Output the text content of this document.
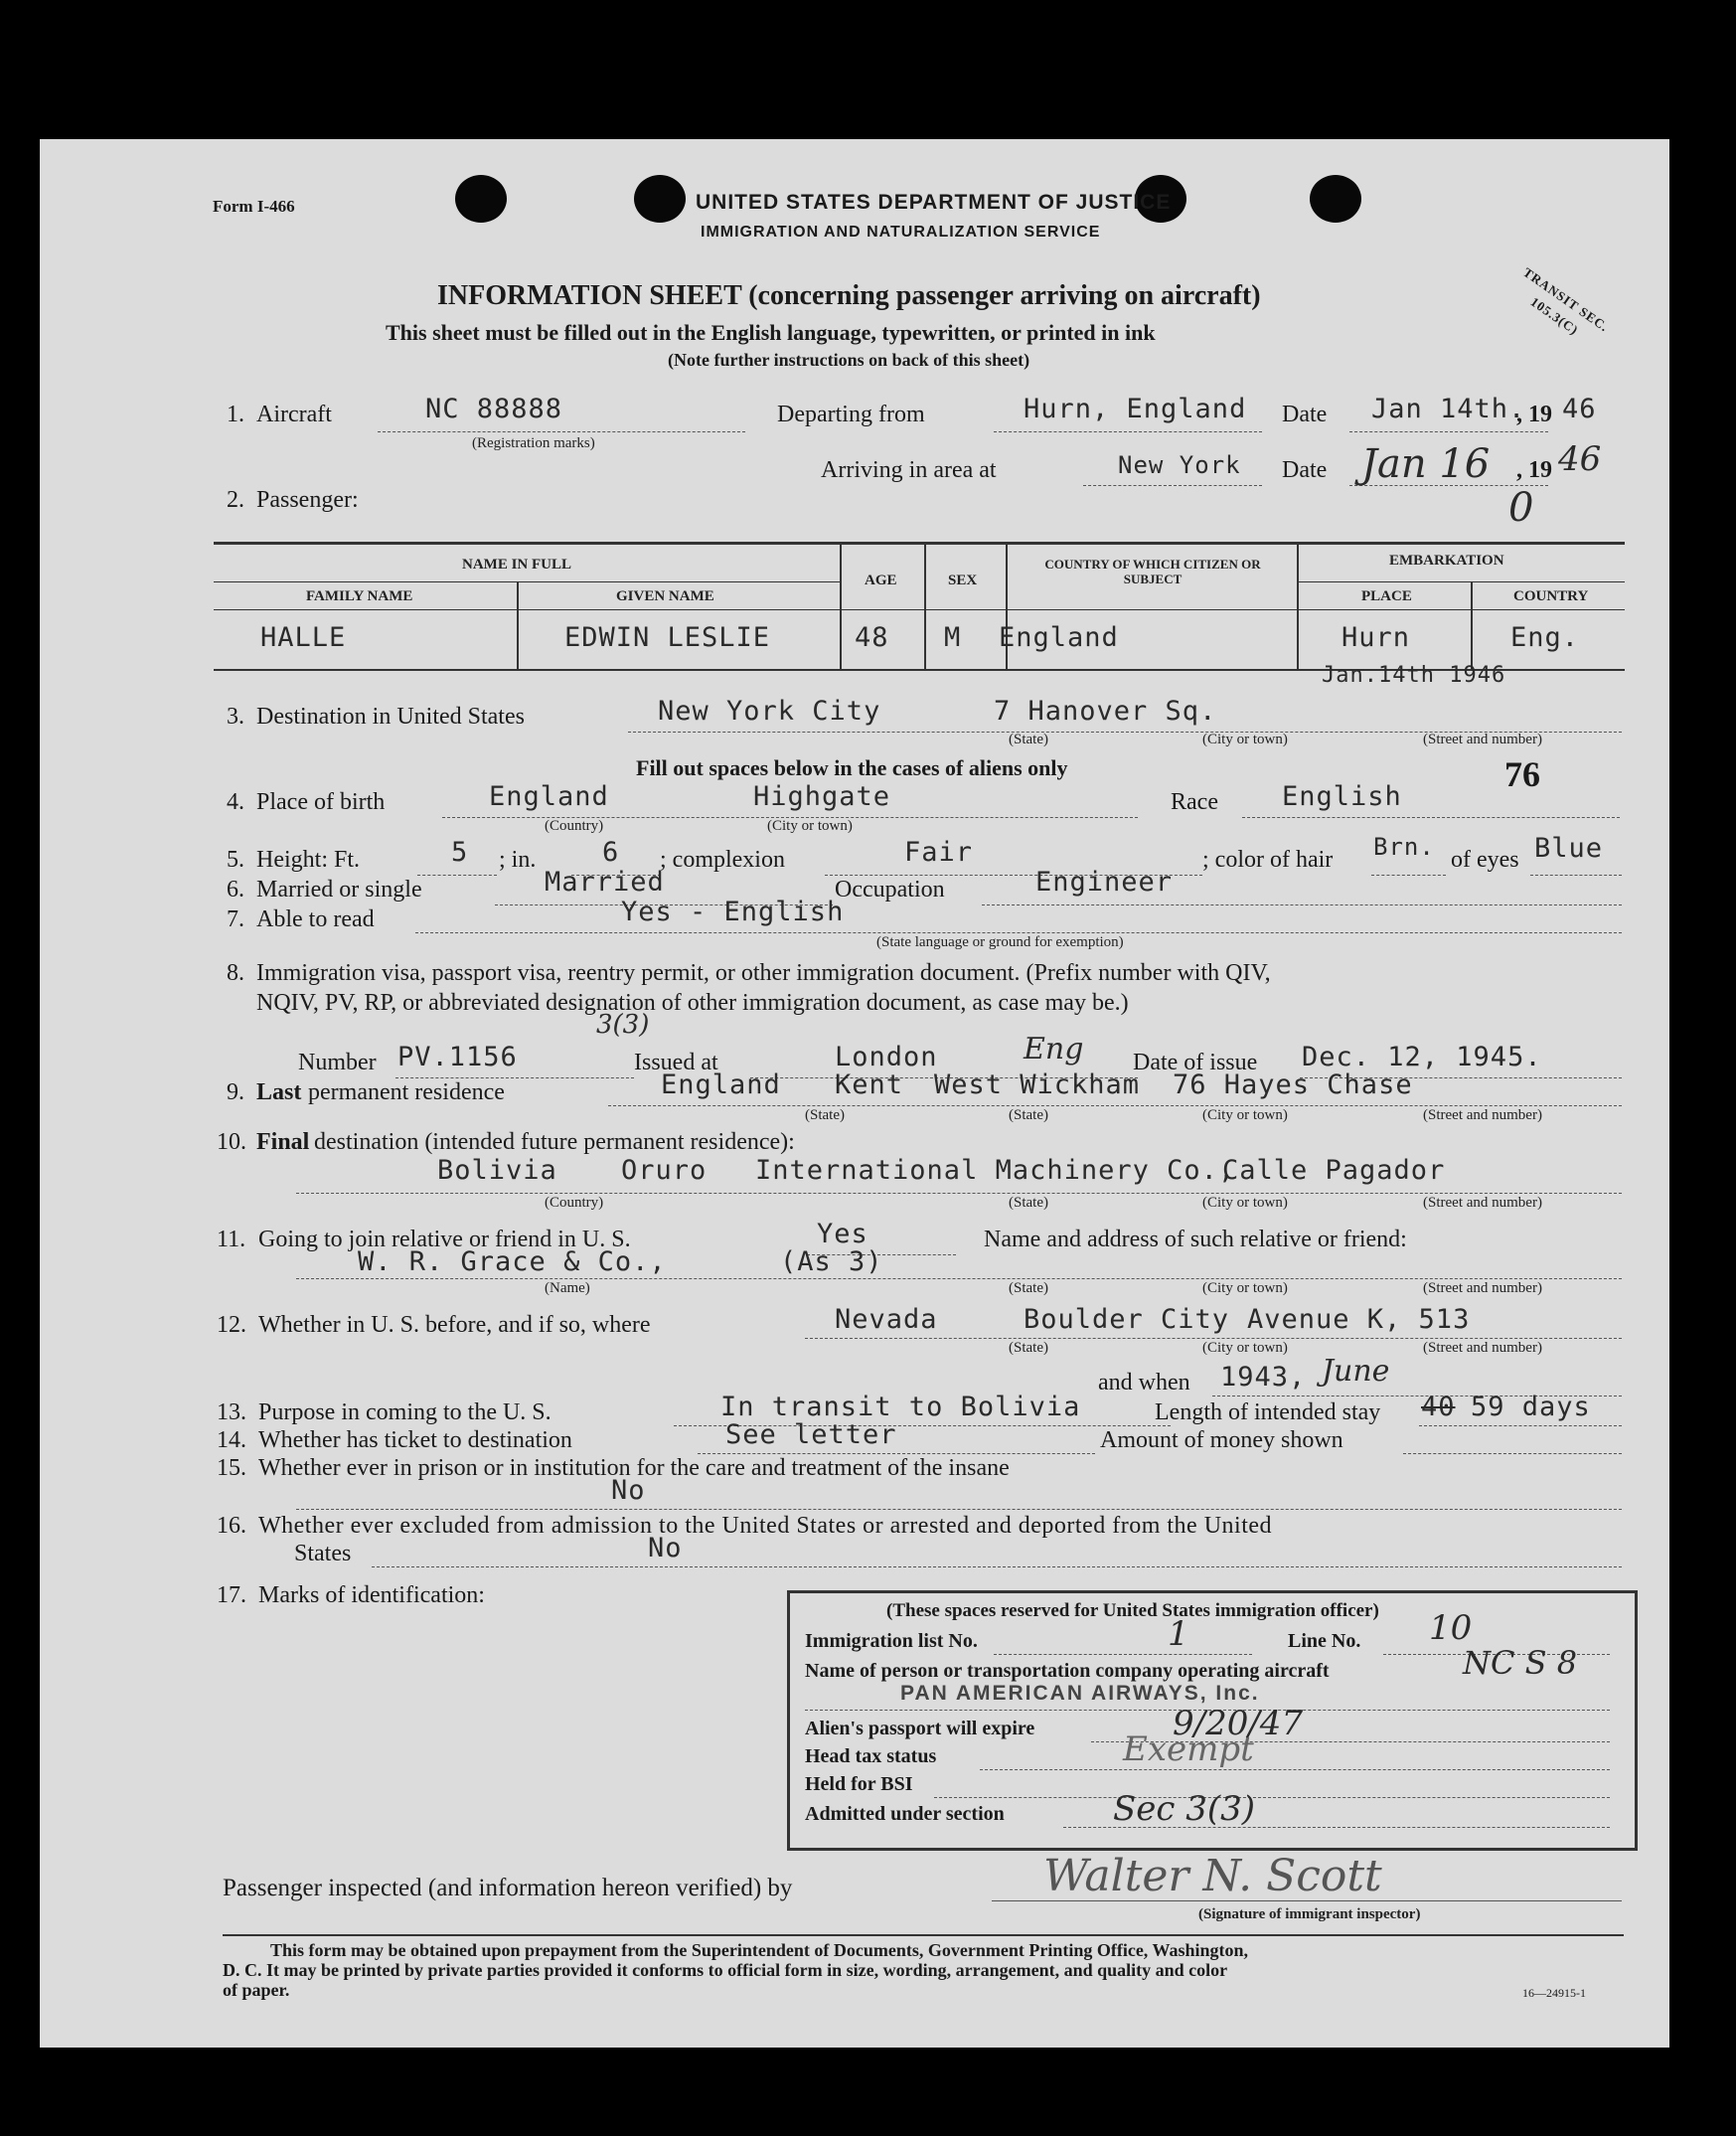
Form I-466	UNITED STATES DEPARTMENT OF JUSTICE
IMMIGRATION AND NATURALIZATION SERVICE
INFORMATION SHEET (concerning passenger arriving on aircraft)
This sheet must be filled out in the English language, typewritten, or printed in ink
(Note further instructions on back of this sheet)
TRANSIT SEC. 105.3(C)
1. Aircraft	NC 88888
(Registration marks)
Departing from	Hurn, England Date Jan 14th.
, 19 46
Arriving in area at	New York Date Jan 16 , 19 46
0
2. Passenger:
NAME IN FULL
FAMILY NAME	GIVEN NAME
AGE	SEX
COUNTRY OF WHICH CITIZEN OR SUBJECT
EMBARKATION
PLACE	COUNTRY
HALLE	EDWIN LESLIE	48 M England	Hurn	Eng.
Jan.14th 1946
3. Destination in United States	New York City	7 Hanover Sq.
(State)	(City or town)	(Street and number)
Fill out spaces below in the cases of aliens only	76
4. Place of birth	England	Highgate
(Country)	(City or town)
Race English
5. Height: Ft.	5 ; in. 6 ; complexion	Fair	; color of hair Brn. of eyes Blue
6. Married or single	Married	Occupation	Engineer
7. Able to read	Yes - English
(State language or ground for exemption)
8. Immigration visa, passport visa, reentry permit, or other immigration document. (Prefix number with QIV,
NQIV, PV, RP, or abbreviated designation of other immigration document, as case may be.)
3(3)
Number PV.1156	Issued at	London	Eng Date of issue Dec. 12, 1945.
9. Last permanent residence	England Kent West Wickham 76 Hayes Chase
(State)	(State)	(City or town)	(Street and number)
10. Final destination (intended future permanent residence):
Bolivia Oruro International Machinery Co.,
Calle Pagador
(Country)	(State)	(City or town)	(Street and number)
11. Going to join relative or friend in U. S.	Yes	Name and address of such relative or friend:
W. R. Grace & Co.,	(As 3)
(Name)	(State)	(City or town)	(Street and number)
12. Whether in U. S. before, and if so, where	Nevada	Boulder City Avenue K, 513
(State)	(City or town)	(Street and number)
and when 1943, June
13. Purpose in coming to the U. S.	In transit to Bolivia	Length of intended stay 40 59 days
14. Whether has ticket to destination	See letter	Amount of money shown
15. Whether ever in prison or in institution for the care and treatment of the insane
No
16. Whether ever excluded from admission to the United States or arrested and deported from the United
States	No
17. Marks of identification:
(These spaces reserved for United States immigration officer)
Immigration list No.	1	Line No. 10
Name of person or transportation company operating aircraft	NC S 8
PAN AMERICAN AIRWAYS, Inc.
Alien's passport will expire	9/20/47
Head tax status	Exempt
Held for BSI
Admitted under section	Sec 3(3)
Passenger inspected (and information hereon verified) by	Walter N. Scott
(Signature of immigrant inspector)
This form may be obtained upon prepayment from the Superintendent of Documents, Government Printing Office, Washington,
D. C. It may be printed by private parties provided it conforms to official form in size, wording, arrangement, and quality and color
of paper.	16—24915-1
